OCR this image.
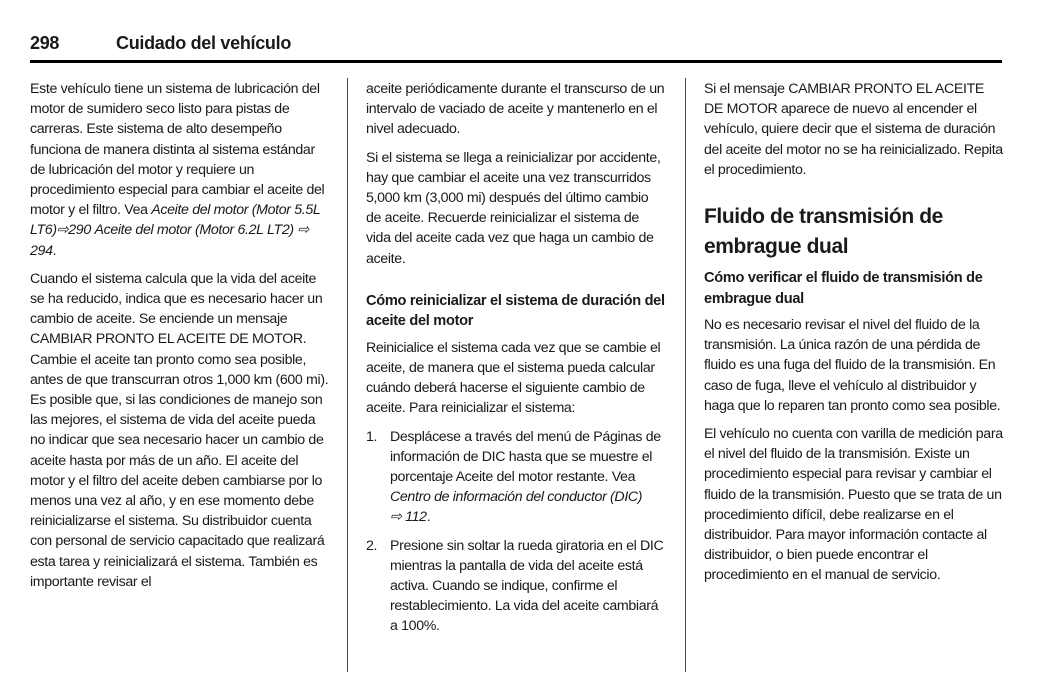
298	Cuidado del vehículo

Este vehículo tiene un sistema de lubricación del motor de sumidero seco listo para pistas de carreras. Este sistema de alto desempeño funciona de manera distinta al sistema estándar de lubricación del motor y requiere un procedimiento especial para cambiar el aceite del motor y el filtro. Vea Aceite del motor (Motor 5.5L LT6)⇨290 Aceite del motor (Motor 6.2L LT2) ⇨ 294.

Cuando el sistema calcula que la vida del aceite se ha reducido, indica que es necesario hacer un cambio de aceite. Se enciende un mensaje CAMBIAR PRONTO EL ACEITE DE MOTOR. Cambie el aceite tan pronto como sea posible, antes de que transcurran otros 1,000 km (600 mi). Es posible que, si las condiciones de manejo son las mejores, el sistema de vida del aceite pueda no indicar que sea necesario hacer un cambio de aceite hasta por más de un año. El aceite del motor y el filtro del aceite deben cambiarse por lo menos una vez al año, y en ese momento debe reinicializarse el sistema. Su distribuidor cuenta con personal de servicio capacitado que realizará esta tarea y reinicializará el sistema. También es importante revisar el

aceite periódicamente durante el transcurso de un intervalo de vaciado de aceite y mantenerlo en el nivel adecuado.

Si el sistema se llega a reinicializar por accidente, hay que cambiar el aceite una vez transcurridos 5,000 km (3,000 mi) después del último cambio de aceite. Recuerde reinicializar el sistema de vida del aceite cada vez que haga un cambio de aceite.

Cómo reinicializar el sistema de duración del aceite del motor

Reinicialice el sistema cada vez que se cambie el aceite, de manera que el sistema pueda calcular cuándo deberá hacerse el siguiente cambio de aceite. Para reinicializar el sistema:

1. Desplácese a través del menú de Páginas de información de DIC hasta que se muestre el porcentaje Aceite del motor restante. Vea Centro de información del conductor (DIC)
⇨ 112.
2. Presione sin soltar la rueda giratoria en el DIC mientras la pantalla de vida del aceite está activa. Cuando se indique, confirme el restablecimiento. La vida del aceite cambiará a 100%.

Si el mensaje CAMBIAR PRONTO EL ACEITE DE MOTOR aparece de nuevo al encender el vehículo, quiere decir que el sistema de duración del aceite del motor no se ha reinicializado. Repita el procedimiento.

Fluido de transmisión de embrague dual
Cómo verificar el fluido de transmisión de embrague dual

No es necesario revisar el nivel del fluido de la transmisión. La única razón de una pérdida de fluido es una fuga del fluido de la transmisión. En caso de fuga, lleve el vehículo al distribuidor y haga que lo reparen tan pronto como sea posible.

El vehículo no cuenta con varilla de medición para el nivel del fluido de la transmisión. Existe un procedimiento especial para revisar y cambiar el fluido de la transmisión. Puesto que se trata de un procedimiento difícil, debe realizarse en el distribuidor. Para mayor información contacte al distribuidor, o bien puede encontrar el procedimiento en el manual de servicio.
